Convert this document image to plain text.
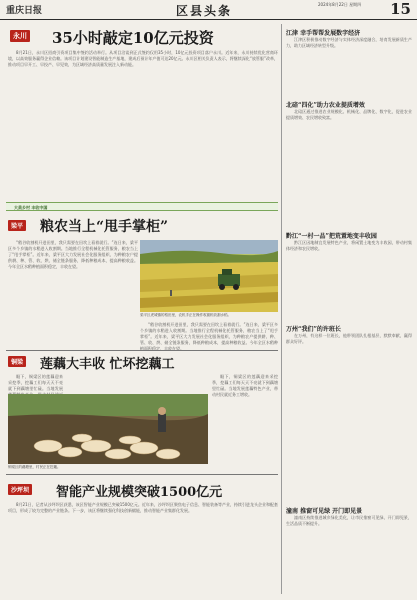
重庆日报	区县头条	2024年8月22日 星期四	15
永川 35小时敲定10亿元投资

8月21日，永川区招商引资项目集中签约活动举行。从项目洽谈到正式签约仅用35小时，10亿元投资项目落户永川。近年来，永川持续优化营商环境，以高效服务赢得企业信赖。该项目计划建设智能制造生产基地，建成后预计年产值可达20亿元。永川区相关负责人表示，将继续深化“放管服”改革，推动项目早开工、早投产、早见效，为区域经济高质量发展注入新动能。

大美乡村 丰收中国
梁平 粮农当上“甩手掌柜”

“稻谷收割机开进田里，我只需要在田坎上看着就行。”连日来，梁平区多个乡镇的水稻进入收割期。当地推行全程机械化托管服务，粮农当上了“甩手掌柜”。近年来，梁平区大力发展社会化服务组织，为种粮农户提供耕、种、管、收、烘、储全链条服务，降低种粮成本，提高种粮收益。今年全区水稻种植面积稳定，丰收在望。

梁平区虎城镇的稻田里，农机手正在操作收割机收割水稻。

“稻谷收割机开进田里，我只需要在田坎上看着就行。”连日来，梁平区多个乡镇的水稻进入收割期。当地推行全程机械化托管服务，粮农当上了“甩手掌柜”。近年来，梁平区大力发展社会化服务组织，为种粮农户提供耕、种、管、收、烘、储全链条服务，降低种粮成本，提高种粮收益。今年全区水稻种植面积稳定，丰收在望。

铜梁 莲藕大丰收 忙坏挖藕工

眼下，铜梁区的莲藕迎来采挖季，挖藕工们每天天不亮就下到藕塘里忙碌。当地发展

铜梁区的藕塘里，村民正在挖藕。

眼下，铜梁区的莲藕迎来采挖季，挖藕工们每天天不亮就下到藕塘里忙碌。当地发展莲藕特色产业，带动村民就近务工增收。

沙坪坝 智能产业规模突破1500亿元

8月21日，记者从沙坪坝区获悉，该区智能产业规模已突破1500亿元。近年来，沙坪坝区聚焦电子信息、智能装备等产业，持续引进龙头企业和配套项目，形成了较为完整的产业链条。下一步，该区将继续强化科技创新赋能，推动智能产业集群化发展。

江津 幸手帮帮发展数字经济

江津区积极推动数字经济与实体经济深度融合，培育发展新质生产力，助力区域经济转型升级。

北碚“四化”助力农业提质增效

北碚区通过推进农业规模化、机械化、品牌化、数字化，促进农业提质增效、农民增收致富。

黔江“一村一品”把荒置地变丰收园

黔江区因地制宜发展特色产业，将闲置土地变为丰收园，带动村集体经济和农民增收。

万州“我们”的许班长

在万州，有这样一位班长，他带领团队扎根基层，默默奉献，赢得群众好评。

潼南 推窗可见绿 开门即见景

潼南区持续推进城乡绿化美化，让市民推窗可见绿、开门即见景，生活品质不断提升。
